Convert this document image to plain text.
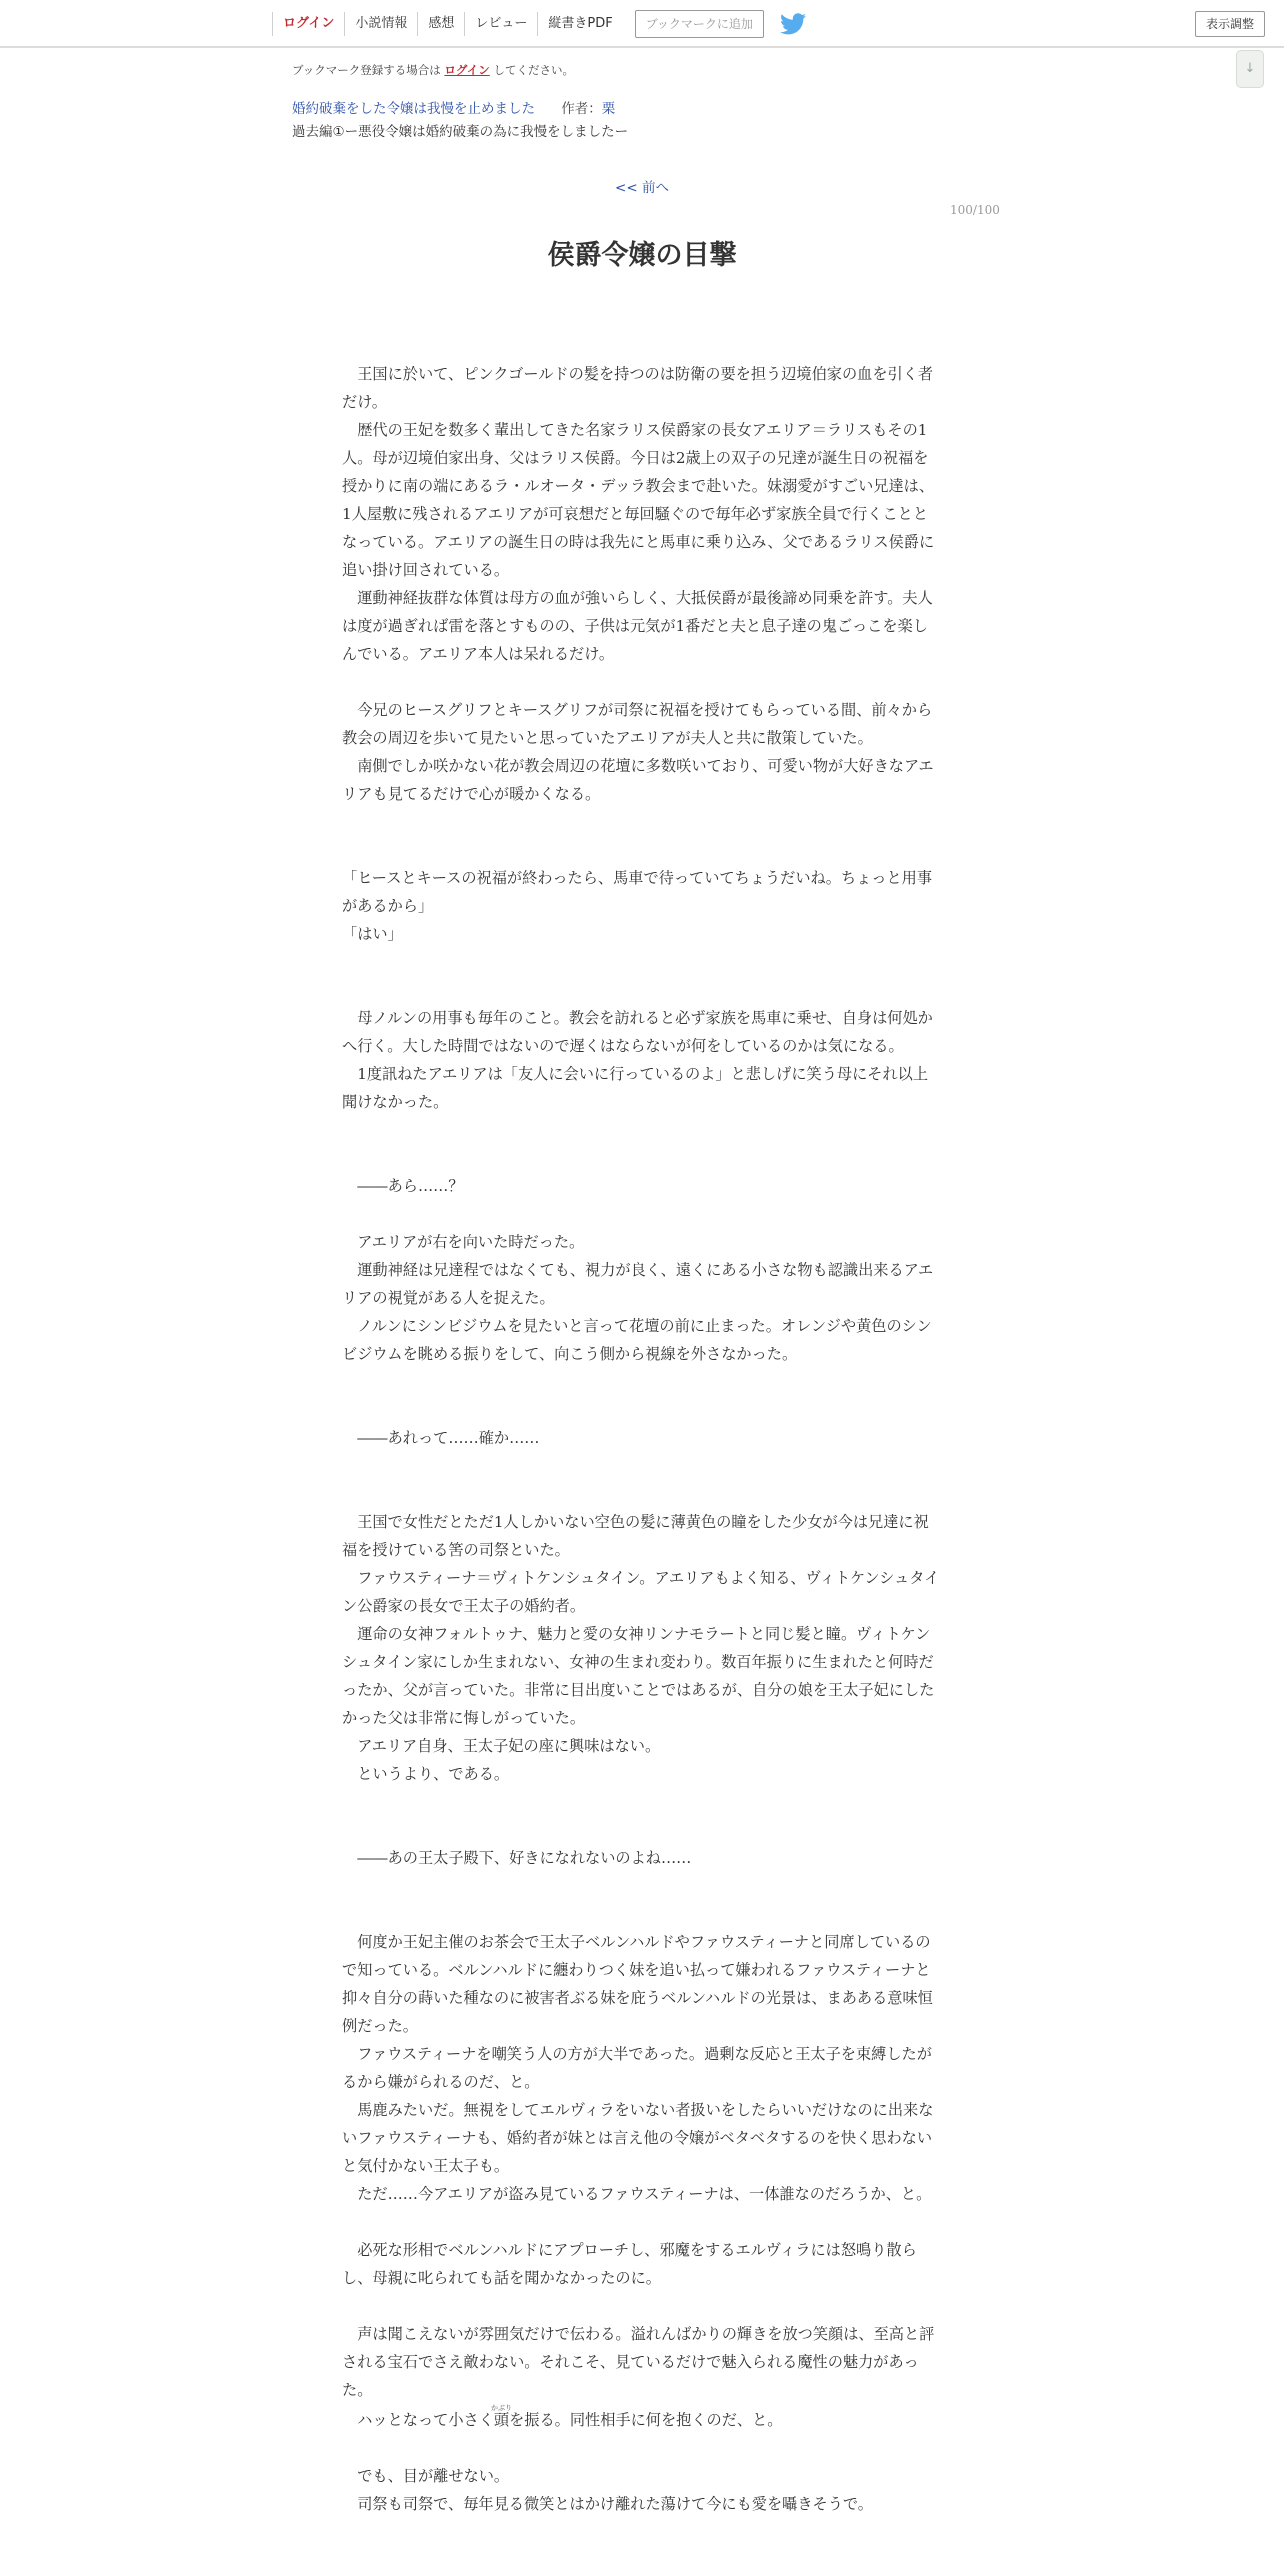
ログイン	小説情報	感想	レビュー	縦書きPDF	ブックマークに追加	表示調整
↓
ブックマーク登録する場合は ログイン してください。
婚約破棄をした令嬢は我慢を止めました 作者：栗
過去編①ー悪役令嬢は婚約破棄の為に我慢をしましたー
<< 前へ
100/100
侯爵令嬢の目撃
　王国に於いて、ピンクゴールドの髪を持つのは防衛の要を担う辺境伯家の血を引く者だけ。
　歴代の王妃を数多く輩出してきた名家ラリス侯爵家の長女アエリア＝ラリスもその1人。母が辺境伯家出身、父はラリス侯爵。今日は2歳上の双子の兄達が誕生日の祝福を授かりに南の端にあるラ・ルオータ・デッラ教会まで赴いた。妹溺愛がすごい兄達は、1人屋敷に残されるアエリアが可哀想だと毎回騒ぐので毎年必ず家族全員で行くこととなっている。アエリアの誕生日の時は我先にと馬車に乗り込み、父であるラリス侯爵に追い掛け回されている。
　運動神経抜群な体質は母方の血が強いらしく、大抵侯爵が最後諦め同乗を許す。夫人は度が過ぎれば雷を落とすものの、子供は元気が1番だと夫と息子達の鬼ごっこを楽しんでいる。アエリア本人は呆れるだけ。
　今兄のヒースグリフとキースグリフが司祭に祝福を授けてもらっている間、前々から教会の周辺を歩いて見たいと思っていたアエリアが夫人と共に散策していた。
　南側でしか咲かない花が教会周辺の花壇に多数咲いており、可愛い物が大好きなアエリアも見てるだけで心が暖かくなる。
「ヒースとキースの祝福が終わったら、馬車で待っていてちょうだいね。ちょっと用事があるから」
「はい」
　母ノルンの用事も毎年のこと。教会を訪れると必ず家族を馬車に乗せ、自身は何処かへ行く。大した時間ではないので遅くはならないが何をしているのかは気になる。
　1度訊ねたアエリアは「友人に会いに行っているのよ」と悲しげに笑う母にそれ以上聞けなかった。
　――あら……？
　アエリアが右を向いた時だった。
　運動神経は兄達程ではなくても、視力が良く、遠くにある小さな物も認識出来るアエリアの視覚がある人を捉えた。
　ノルンにシンビジウムを見たいと言って花壇の前に止まった。オレンジや黄色のシンビジウムを眺める振りをして、向こう側から視線を外さなかった。
　――あれって……確か……
　王国で女性だとただ1人しかいない空色の髪に薄黄色の瞳をした少女が今は兄達に祝福を授けている筈の司祭といた。
　ファウスティーナ＝ヴィトケンシュタイン。アエリアもよく知る、ヴィトケンシュタイン公爵家の長女で王太子の婚約者。
　運命の女神フォルトゥナ、魅力と愛の女神リンナモラートと同じ髪と瞳。ヴィトケンシュタイン家にしか生まれない、女神の生まれ変わり。数百年振りに生まれたと何時だったか、父が言っていた。非常に目出度いことではあるが、自分の娘を王太子妃にしたかった父は非常に悔しがっていた。
　アエリア自身、王太子妃の座に興味はない。
　というより、である。
　――あの王太子殿下、好きになれないのよね……
　何度か王妃主催のお茶会で王太子ベルンハルドやファウスティーナと同席しているので知っている。ベルンハルドに纏わりつく妹を追い払って嫌われるファウスティーナと抑々自分の蒔いた種なのに被害者ぶる妹を庇うベルンハルドの光景は、まあある意味恒例だった。
　ファウスティーナを嘲笑う人の方が大半であった。過剰な反応と王太子を束縛したがるから嫌がられるのだ、と。
　馬鹿みたいだ。無視をしてエルヴィラをいない者扱いをしたらいいだけなのに出来ないファウスティーナも、婚約者が妹とは言え他の令嬢がベタベタするのを快く思わないと気付かない王太子も。
　ただ……今アエリアが盗み見ているファウスティーナは、一体誰なのだろうか、と。
　必死な形相でベルンハルドにアプローチし、邪魔をするエルヴィラには怒鳴り散らし、母親に叱られても話を聞かなかったのに。
　声は聞こえないが雰囲気だけで伝わる。溢れんばかりの輝きを放つ笑顔は、至高と評される宝石でさえ敵わない。それこそ、見ているだけで魅入られる魔性の魅力があった。
　ハッとなって小さく頭かぶりを振る。同性相手に何を抱くのだ、と。
　でも、目が離せない。
　司祭も司祭で、毎年見る微笑とはかけ離れた蕩けて今にも愛を囁きそうで。
